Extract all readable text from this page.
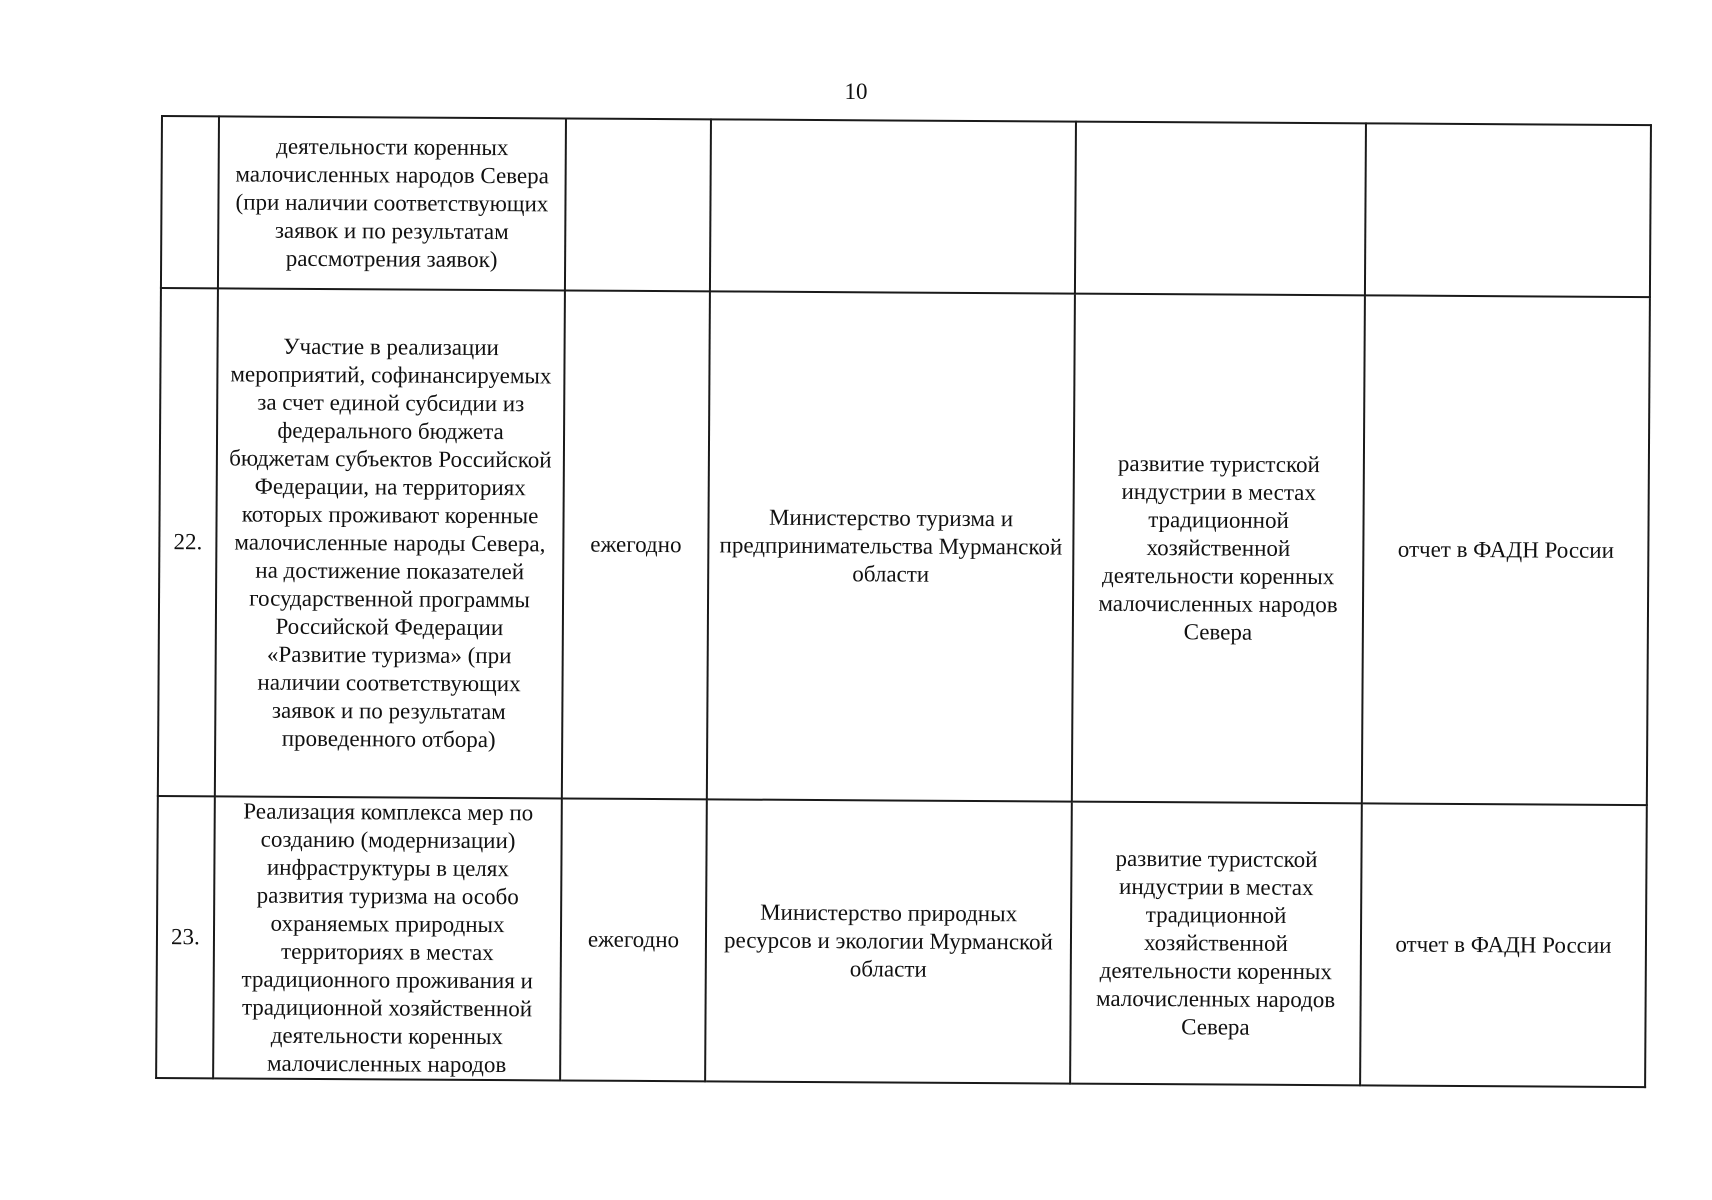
10

	деятельности коренных малочисленных народов Севера (при наличии соответствующих заявок и по результатам рассмотрения заявок)				

22.	Участие в реализации мероприятий, софинансируемых за счет единой субсидии из федерального бюджета бюджетам субъектов Российской Федерации, на территориях которых проживают коренные малочисленные народы Севера, на достижение показателей государственной программы Российской Федерации «Развитие туризма» (при наличии соответствующих заявок и по результатам проведенного отбора)	ежегодно	Министерство туризма и предпринимательства Мурманской области	развитие туристской индустрии в местах традиционной хозяйственной деятельности коренных малочисленных народов Севера	отчет в ФАДН России

23.	Реализация комплекса мер по созданию (модернизации) инфраструктуры в целях развития туризма на особо охраняемых природных территориях в местах традиционного проживания и традиционной хозяйственной деятельности коренных малочисленных народов	ежегодно	Министерство природных ресурсов и экологии Мурманской области	развитие туристской индустрии в местах традиционной хозяйственной деятельности коренных малочисленных народов Севера	отчет в ФАДН России
